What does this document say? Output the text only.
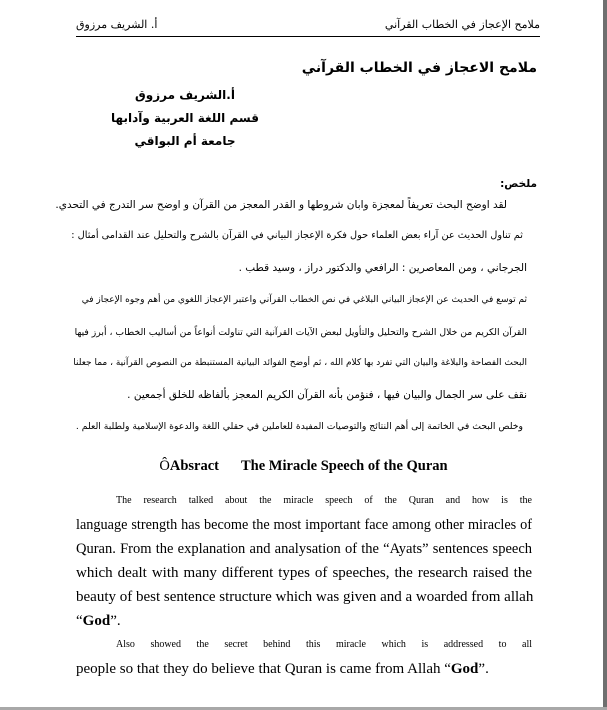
ملامح الإعجاز في الخطاب القرآني
أ. الشريف مرزوق
ملامح الاعجاز في الخطاب القرآني
أ.الشريف مرزوق
قسم اللغة العربية وآدابها
جامعة أم البواقي
ملخص:
لقد اوضح البحث تعريفاً لمعجزة وابان شروطها و القدر المعجز من القرآن و اوضح سر التدرج في التحدي.
ثم تناول الحديث عن آراء بعض العلماء حول فكرة الإعجاز البياني في القرآن بالشرح والتحليل عند القدامى أمثال :
الجرجاني ، ومن المعاصرين : الرافعي والدكتور دراز ، وسيد قطب .
ثم توسع في الحديث عن الإعجاز البياني البلاغي في نص الخطاب القرآني واعتبر الإعجاز اللغوي من أهم وجوه الإعجاز في
القرآن الكريم من خلال الشرح والتحليل والتأويل لبعض الآيات القرآنية التي تناولت أنواعاً من أساليب الخطاب ، أبرز فيها
البحث الفصاحة والبلاغة والبيان التي تفرد بها كلام الله ، ثم أوضح الفوائد البيانية المستنبطة من النصوص القرآنية ، مما جعلنا
نقف على سر الجمال والبيان فيها ، فنؤمن بأنه القرآن الكريم المعجز بألفاظه للخلق أجمعين .
وخلص البحث في الخاتمة إلى أهم النتائج والتوصيات المفيدة للعاملين في حقلي اللغة والدعوة الإسلامية ولطلبة العلم .
ÔAbsract The Miracle Speech of the Quran
The research talked about the miracle speech of the Quran and how is the
language strength has become the most important face among other miracles of
Quran. From the explanation and analysation of the “Ayats” sentences speech
which dealt with many different types of speeches, the research raised the
beauty of best sentence structure which was given and a woarded from allah
“God”.
Also showed the secret behind this miracle which is addressed to all
people so that they do believe that Quran is came from Allah “God”.
